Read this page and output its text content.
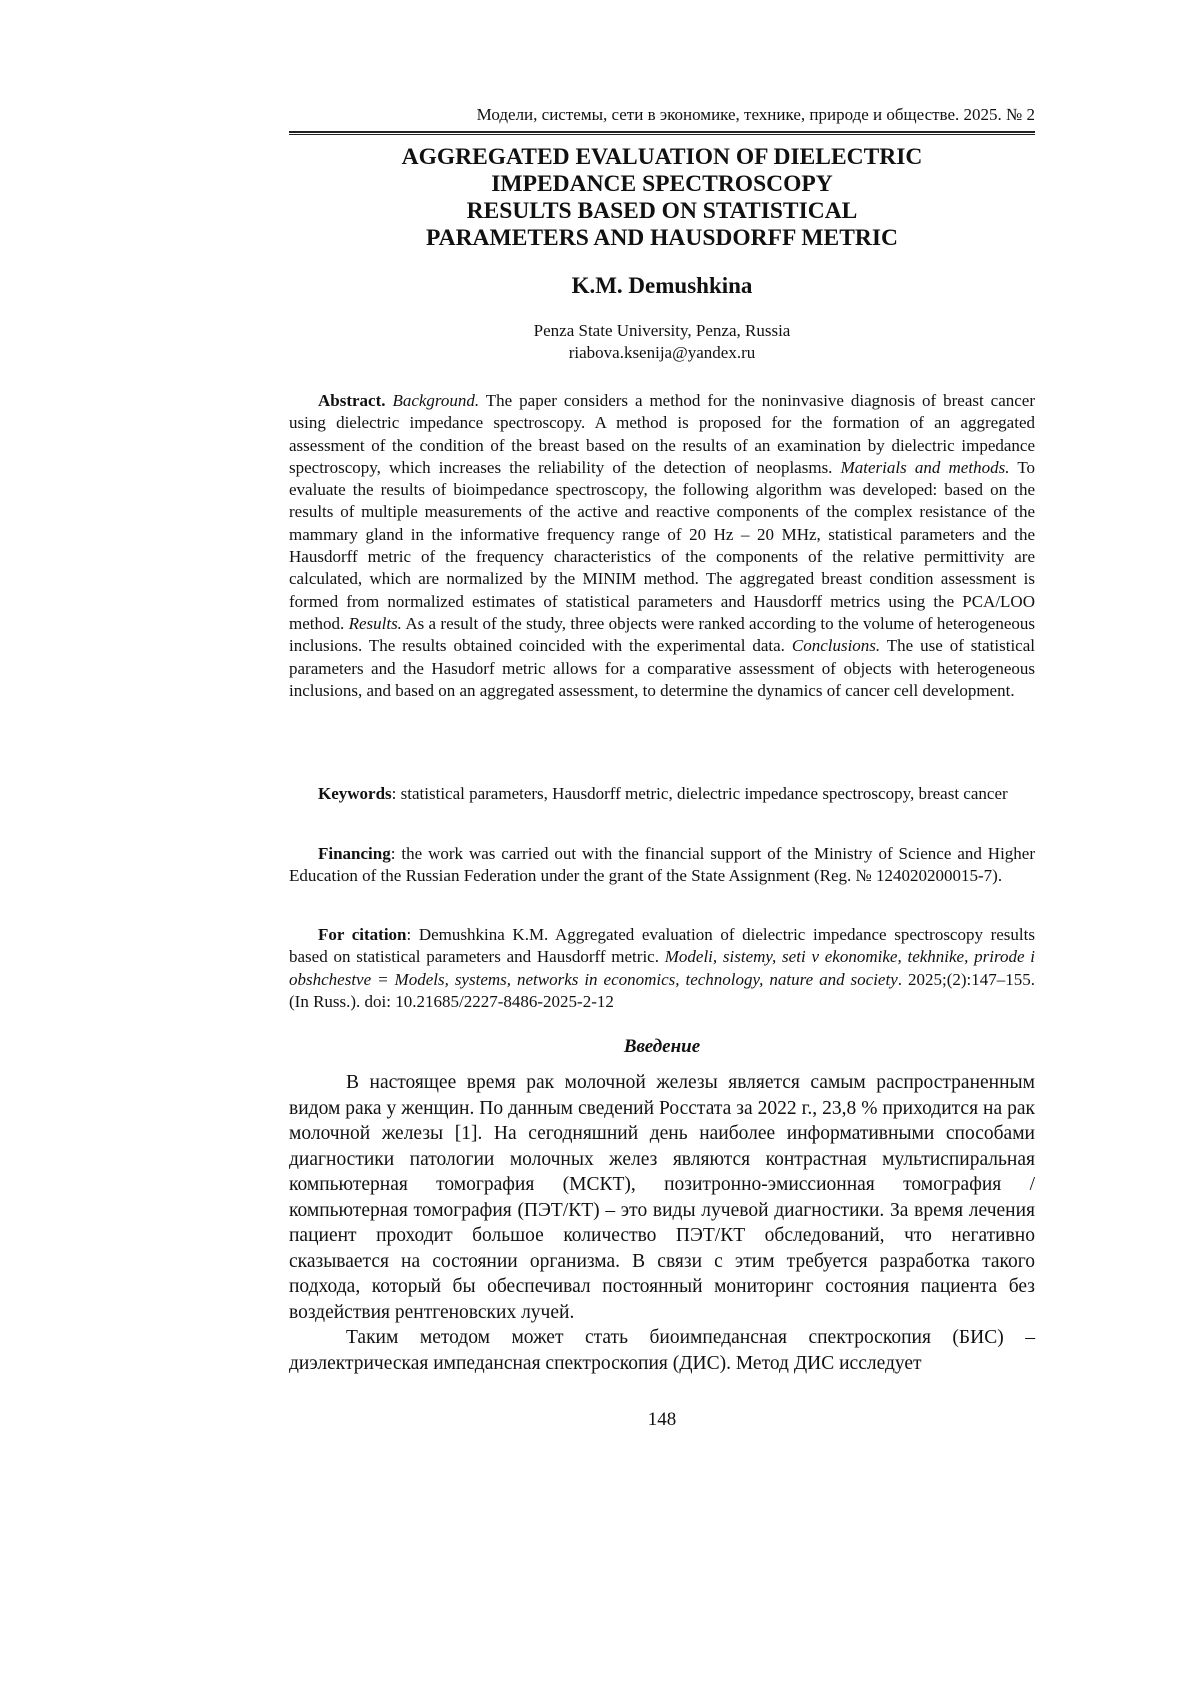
Модели, системы, сети в экономике, технике, природе и обществе. 2025. № 2
AGGREGATED EVALUATION OF DIELECTRIC
IMPEDANCE SPECTROSCOPY
RESULTS BASED ON STATISTICAL
PARAMETERS AND HAUSDORFF METRIC
K.M. Demushkina
Penza State University, Penza, Russia
riabova.ksenija@yandex.ru

Abstract. Background. The paper considers a method for the noninvasive diagnosis of breast cancer using dielectric impedance spectroscopy. A method is proposed for the formation of an aggregated assessment of the condition of the breast based on the results of an examination by dielectric impedance spectroscopy, which increases the reliability of the detection of neoplasms. Materials and methods. To evaluate the results of bioimpedance spectroscopy, the following algorithm was developed: based on the results of multiple measurements of the active and reactive components of the complex resistance of the mammary gland in the informative frequency range of 20 Hz – 20 MHz, statistical parameters and the Hausdorff metric of the frequency characteristics of the components of the relative permittivity are calculated, which are normalized by the MINIM method. The aggregated breast condition assessment is formed from normalized estimates of statistical parameters and Hausdorff metrics using the PCA/LOO method. Results. As a result of the study, three objects were ranked according to the volume of heterogeneous inclusions. The results obtained coincided with the experimental data. Conclusions. The use of statistical parameters and the Hasudorf metric allows for a comparative assessment of objects with heterogeneous inclusions, and based on an aggregated assessment, to determine the dynamics of cancer cell development.

Keywords: statistical parameters, Hausdorff metric, dielectric impedance spectroscopy, breast cancer

Financing: the work was carried out with the financial support of the Ministry of Science and Higher Education of the Russian Federation under the grant of the State Assignment (Reg. № 124020200015-7).

For citation: Demushkina K.M. Aggregated evaluation of dielectric impedance spectroscopy results based on statistical parameters and Hausdorff metric. Modeli, sistemy, seti v ekonomike, tekhnike, prirode i obshchestve = Models, systems, networks in economics, technology, nature and society. 2025;(2):147–155. (In Russ.). doi: 10.21685/2227-8486-2025-2-12

Введение

В настоящее время рак молочной железы является самым распространенным видом рака у женщин. По данным сведений Росстата за 2022 г., 23,8 % приходится на рак молочной железы [1]. На сегодняшний день наиболее информативными способами диагностики патологии молочных желез являются контрастная мультиспиральная компьютерная томография (МСКТ), позитронно-эмиссионная томография / компьютерная томография (ПЭТ/КТ) – это виды лучевой диагностики. За время лечения пациент проходит большое количество ПЭТ/КТ обследований, что негативно сказывается на состоянии организма. В связи с этим требуется разработка такого подхода, который бы обеспечивал постоянный мониторинг состояния пациента без воздействия рентгеновских лучей.

Таким методом может стать биоимпедансная спектроскопия (БИС) – диэлектрическая импедансная спектроскопия (ДИС). Метод ДИС исследует

148
